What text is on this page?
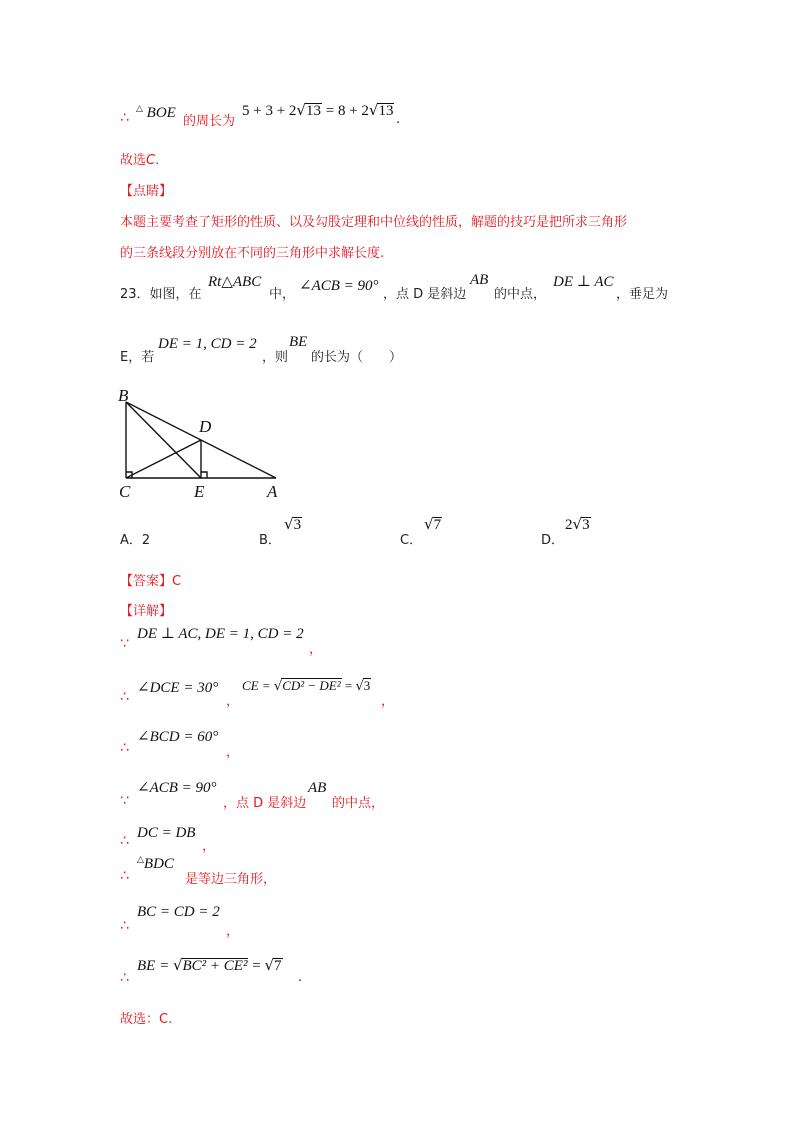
∴
△ BOE
的周长为
5 + 3 + 2√13 = 8 + 2√13
.
故选C.
【点睛】
本题主要考查了矩形的性质、以及勾股定理和中位线的性质，解题的技巧是把所求三角形
的三条线段分别放在不同的三角形中求解长度.
23．如图，在
Rt△ABC
中，
∠ACB = 90°
，点 D 是斜边
AB
的中点，
DE ⊥ AC
，垂足为
E，若
DE = 1, CD = 2
，则
BE
的长为（　　）
B
D
C	E	A
A．2	B．
√3
C．
√7
D．
2√3
【答案】C
【详解】
∵
DE ⊥ AC, DE = 1, CD = 2
，
∴
∠DCE = 30°
，
CE = √CD² − DE² = √3
，
∴
∠BCD = 60°
，
∵
∠ACB = 90°
，点 D 是斜边
AB
的中点，
∴ DC = DB
，
∴
△BDC
是等边三角形，
∴
BC = CD = 2
，
∴
BE = √BC² + CE² = √7
.
故选：C.
